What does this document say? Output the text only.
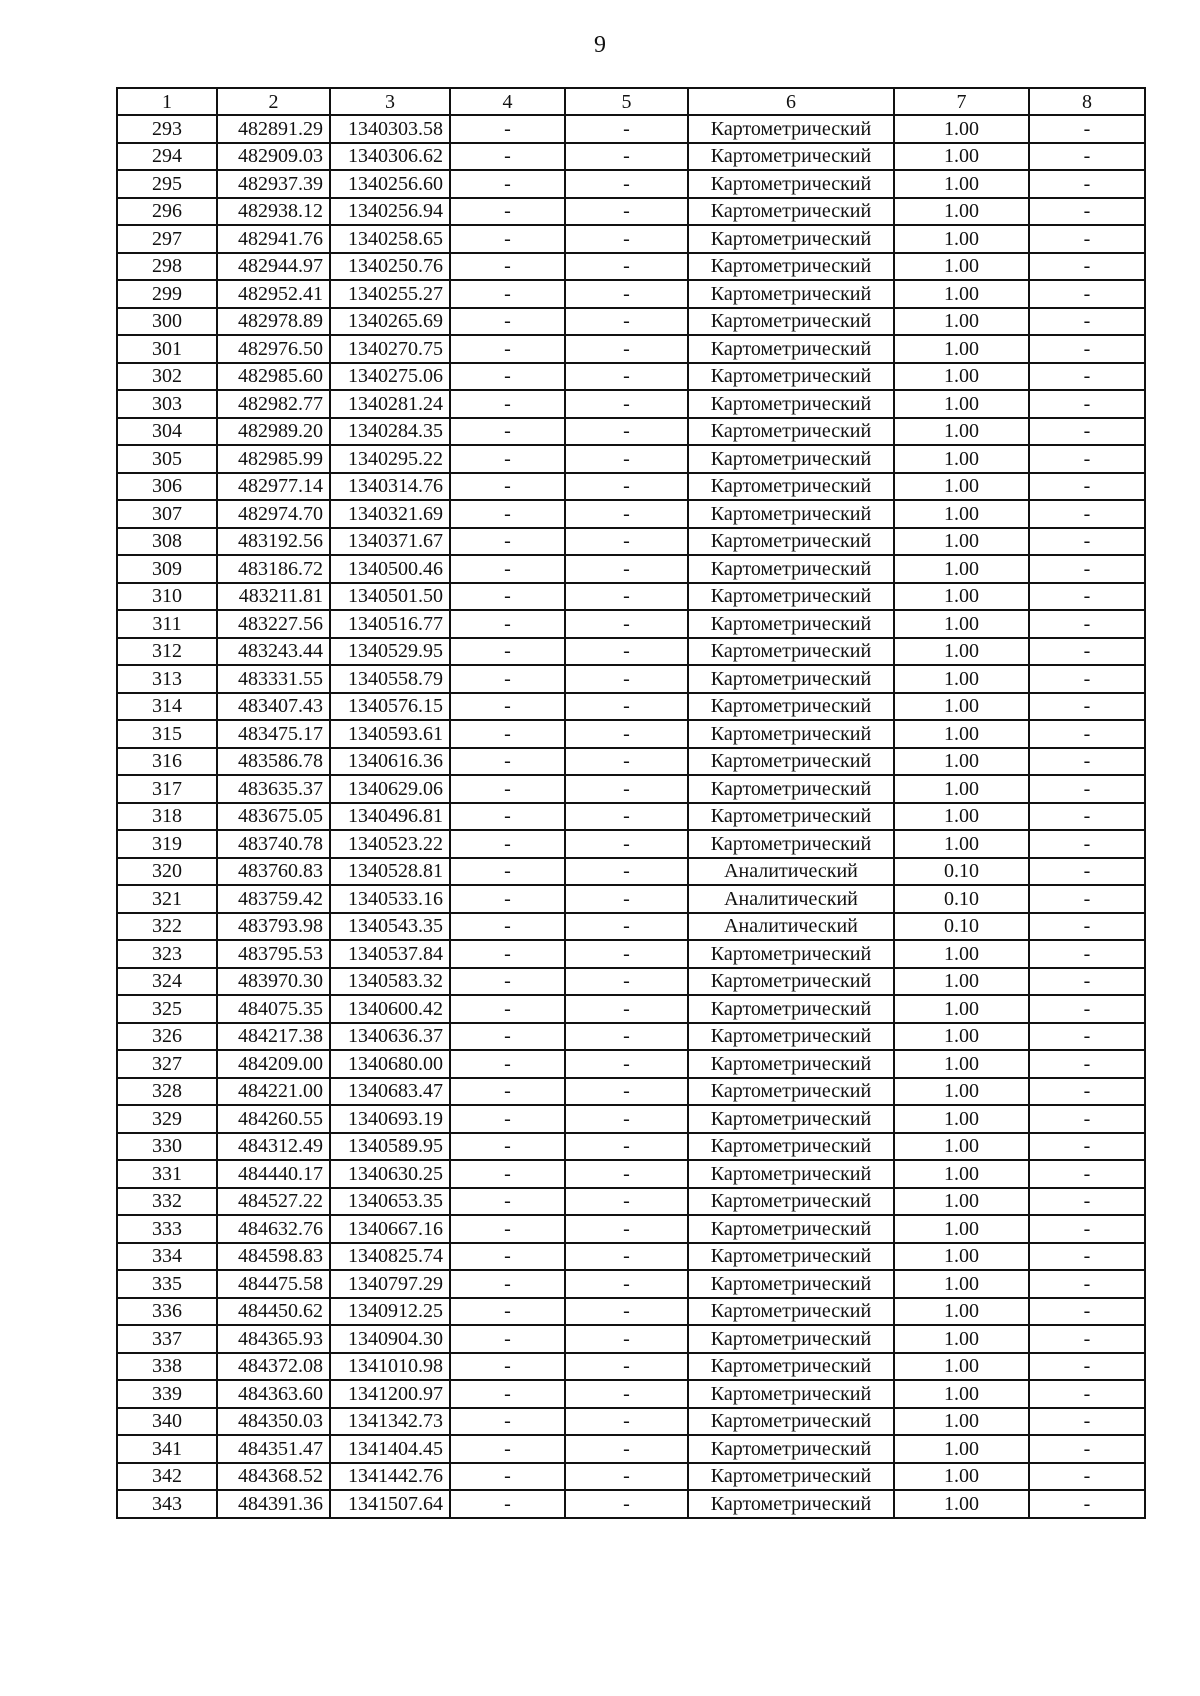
9
1	2	3	4	5	6	7	8
293	482891.29	1340303.58	-	-	Картометрический	1.00	-
294	482909.03	1340306.62	-	-	Картометрический	1.00	-
295	482937.39	1340256.60	-	-	Картометрический	1.00	-
296	482938.12	1340256.94	-	-	Картометрический	1.00	-
297	482941.76	1340258.65	-	-	Картометрический	1.00	-
298	482944.97	1340250.76	-	-	Картометрический	1.00	-
299	482952.41	1340255.27	-	-	Картометрический	1.00	-
300	482978.89	1340265.69	-	-	Картометрический	1.00	-
301	482976.50	1340270.75	-	-	Картометрический	1.00	-
302	482985.60	1340275.06	-	-	Картометрический	1.00	-
303	482982.77	1340281.24	-	-	Картометрический	1.00	-
304	482989.20	1340284.35	-	-	Картометрический	1.00	-
305	482985.99	1340295.22	-	-	Картометрический	1.00	-
306	482977.14	1340314.76	-	-	Картометрический	1.00	-
307	482974.70	1340321.69	-	-	Картометрический	1.00	-
308	483192.56	1340371.67	-	-	Картометрический	1.00	-
309	483186.72	1340500.46	-	-	Картометрический	1.00	-
310	483211.81	1340501.50	-	-	Картометрический	1.00	-
311	483227.56	1340516.77	-	-	Картометрический	1.00	-
312	483243.44	1340529.95	-	-	Картометрический	1.00	-
313	483331.55	1340558.79	-	-	Картометрический	1.00	-
314	483407.43	1340576.15	-	-	Картометрический	1.00	-
315	483475.17	1340593.61	-	-	Картометрический	1.00	-
316	483586.78	1340616.36	-	-	Картометрический	1.00	-
317	483635.37	1340629.06	-	-	Картометрический	1.00	-
318	483675.05	1340496.81	-	-	Картометрический	1.00	-
319	483740.78	1340523.22	-	-	Картометрический	1.00	-
320	483760.83	1340528.81	-	-	Аналитический	0.10	-
321	483759.42	1340533.16	-	-	Аналитический	0.10	-
322	483793.98	1340543.35	-	-	Аналитический	0.10	-
323	483795.53	1340537.84	-	-	Картометрический	1.00	-
324	483970.30	1340583.32	-	-	Картометрический	1.00	-
325	484075.35	1340600.42	-	-	Картометрический	1.00	-
326	484217.38	1340636.37	-	-	Картометрический	1.00	-
327	484209.00	1340680.00	-	-	Картометрический	1.00	-
328	484221.00	1340683.47	-	-	Картометрический	1.00	-
329	484260.55	1340693.19	-	-	Картометрический	1.00	-
330	484312.49	1340589.95	-	-	Картометрический	1.00	-
331	484440.17	1340630.25	-	-	Картометрический	1.00	-
332	484527.22	1340653.35	-	-	Картометрический	1.00	-
333	484632.76	1340667.16	-	-	Картометрический	1.00	-
334	484598.83	1340825.74	-	-	Картометрический	1.00	-
335	484475.58	1340797.29	-	-	Картометрический	1.00	-
336	484450.62	1340912.25	-	-	Картометрический	1.00	-
337	484365.93	1340904.30	-	-	Картометрический	1.00	-
338	484372.08	1341010.98	-	-	Картометрический	1.00	-
339	484363.60	1341200.97	-	-	Картометрический	1.00	-
340	484350.03	1341342.73	-	-	Картометрический	1.00	-
341	484351.47	1341404.45	-	-	Картометрический	1.00	-
342	484368.52	1341442.76	-	-	Картометрический	1.00	-
343	484391.36	1341507.64	-	-	Картометрический	1.00	-
